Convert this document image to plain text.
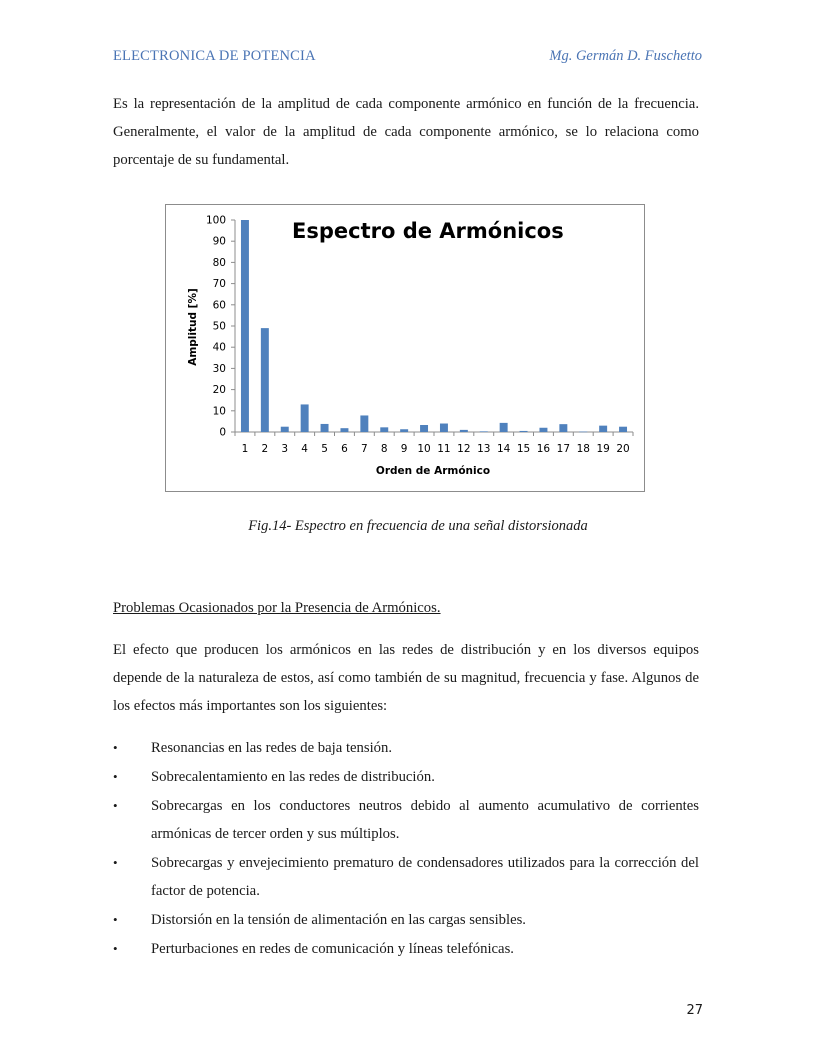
ELECTRONICA DE POTENCIA	Mg. Germán D. Fuschetto

Es la representación de la amplitud de cada componente armónico en función de la frecuencia. Generalmente, el valor de la amplitud de cada componente armónico, se lo relaciona como porcentaje de su fundamental.

Espectro de Armónicos
Amplitud [%]
Orden de Armónico
0
10
20
30
40
50
60
70
80
90
100
1 2 3 4 5 6 7 8 9 10 11 12 13 14 15 16 17 18 19 20
Fig.14- Espectro en frecuencia de una señal distorsionada

Problemas Ocasionados por la Presencia de Armónicos.

El efecto que producen los armónicos en las redes de distribución y en los diversos equipos depende de la naturaleza de estos, así como también de su magnitud, frecuencia y fase. Algunos de los efectos más importantes son los siguientes:

• Resonancias en las redes de baja tensión.
• Sobrecalentamiento en las redes de distribución.
• Sobrecargas en los conductores neutros debido al aumento acumulativo de corrientes armónicas de tercer orden y sus múltiplos.
• Sobrecargas y envejecimiento prematuro de condensadores utilizados para la corrección del factor de potencia.
• Distorsión en la tensión de alimentación en las cargas sensibles.
• Perturbaciones en redes de comunicación y líneas telefónicas.
27
